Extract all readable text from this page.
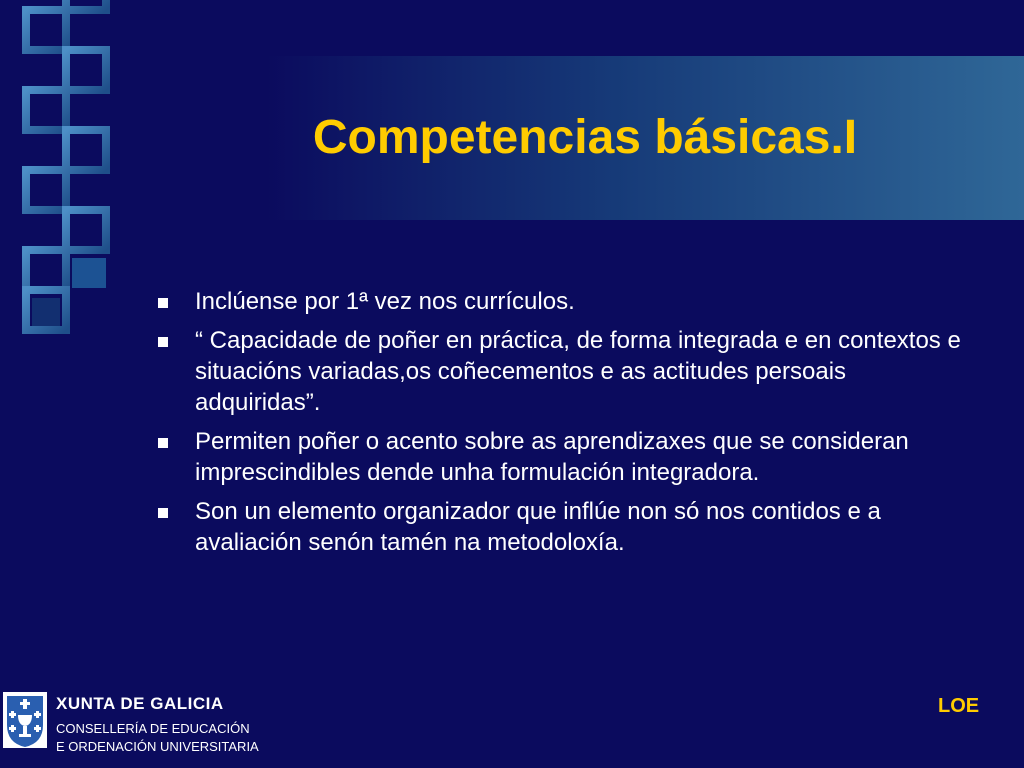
Competencias básicas.I
Inclúense por 1ª vez nos currículos.
“ Capacidade de poñer en práctica, de forma integrada e en contextos e situacións variadas,os coñecementos e as actitudes persoais adquiridas”.
Permiten poñer o acento sobre as aprendizaxes que se consideran imprescindibles dende unha formulación integradora.
Son un elemento organizador que inflúe non só nos contidos e a avaliación senón tamén na metodoloxía.
XUNTA DE GALICIA
CONSELLERÍA DE EDUCACIÓN
E ORDENACIÓN UNIVERSITARIA
LOE
